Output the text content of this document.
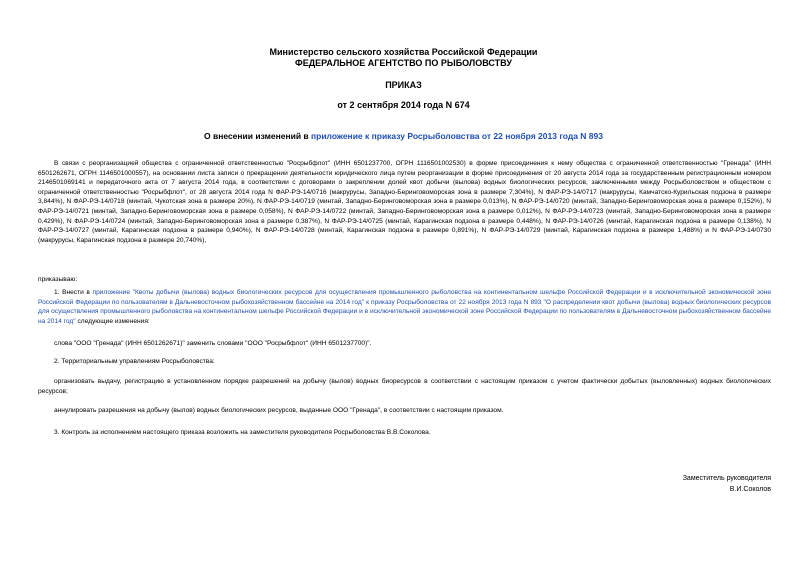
Министерство сельского хозяйства Российской Федерации
ФЕДЕРАЛЬНОЕ АГЕНТСТВО ПО РЫБОЛОВСТВУ
ПРИКАЗ
от 2 сентября 2014 года N 674
О внесении изменений в приложение к приказу Росрыболовства от 22 ноября 2013 года N 893
В связи с реорганизацией общества с ограниченной ответственностью "Росрыбфлот" (ИНН 6501237700, ОГРН 1116501002530) в форме присоединения к нему общества с ограниченной ответственностью "Гренада" (ИНН 6501262671, ОГРН 1146501000557), на основании листа записи о прекращении деятельности юридического лица путем реорганизации в форме присоединения от 20 августа 2014 года за государственным регистрационным номером 2146501069141 и передаточного акта от 7 августа 2014 года, в соответствии с договорами о закреплении долей квот добычи (вылова) водных биологических ресурсов, заключенными между Росрыболовством и обществом с ограниченной ответственностью "Росрыбфлот", от 28 августа 2014 года N ФАР-РЭ-14/0716 (макрурусы, Западно-Беринговоморская зона в размере 7,304%), N ФАР-РЭ-14/0717 (макрурусы, Камчатско-Курильская подзона в размере 3,844%), N ФАР-РЭ-14/0718 (минтай, Чукотская зона в размере 20%), N ФАР-РЭ-14/0719 (минтай, Западно-Беринговоморская зона в размере 0,013%), N ФАР-РЭ-14/0720 (минтай, Западно-Беринговоморская зона в размере 0,152%), N ФАР-РЭ-14/0721 (минтай, Западно-Беринговоморская зона в размере 0,058%), N ФАР-РЭ-14/0722 (минтай, Западно-Беринговоморская зона в размере 0,012%), N ФАР-РЭ-14/0723 (минтай, Западно-Беринговоморская зона в размере 0,429%), N ФАР-РЭ-14/0724 (минтай, Западно-Беринговоморская зона в размере 0,387%), N ФАР-РЭ-14/0725 (минтай, Карагинская подзона в размере 0,448%), N ФАР-РЭ-14/0726 (минтай, Карагинская подзона в размере 0,138%), N ФАР-РЭ-14/0727 (минтай, Карагинская подзона в размере 0,940%), N ФАР-РЭ-14/0728 (минтай, Карагинская подзона в размере 0,891%), N ФАР-РЭ-14/0729 (минтай, Карагинская подзона в размере 1,488%) и N ФАР-РЭ-14/0730 (макрурусы, Карагинская подзона в размере 20,740%),
приказываю:
1. Внести в приложение "Квоты добычи (вылова) водных биологических ресурсов для осуществления промышленного рыболовства на континентальном шельфе Российской Федерации и в исключительной экономической зоне Российской Федерации по пользователям в Дальневосточном рыбохозяйственном бассейне на 2014 год" к приказу Росрыболовства от 22 ноября 2013 года N 893 "О распределении квот добычи (вылова) водных биологических ресурсов для осуществления промышленного рыболовства на континентальном шельфе Российской Федерации и в исключительной экономической зоне Российской Федерации по пользователям в Дальневосточном рыбохозяйственном бассейне на 2014 год" следующие изменения:
слова "ООО "Гренада" (ИНН 6501262671)" заменить словами "ООО "Росрыбфлот" (ИНН 6501237700)".
2. Территориальным управлениям Росрыболовства:
организовать выдачу, регистрацию в установленном порядке разрешений на добычу (вылов) водных биоресурсов в соответствии с настоящим приказом с учетом фактически добытых (выловленных) водных биологических ресурсов;
аннулировать разрешения на добычу (вылов) водных биологических ресурсов, выданные ООО "Гренада", в соответствии с настоящим приказом.
3. Контроль за исполнением настоящего приказа возложить на заместителя руководителя Росрыболовства В.В.Соколова.
Заместитель руководителя
В.И.Соколов
